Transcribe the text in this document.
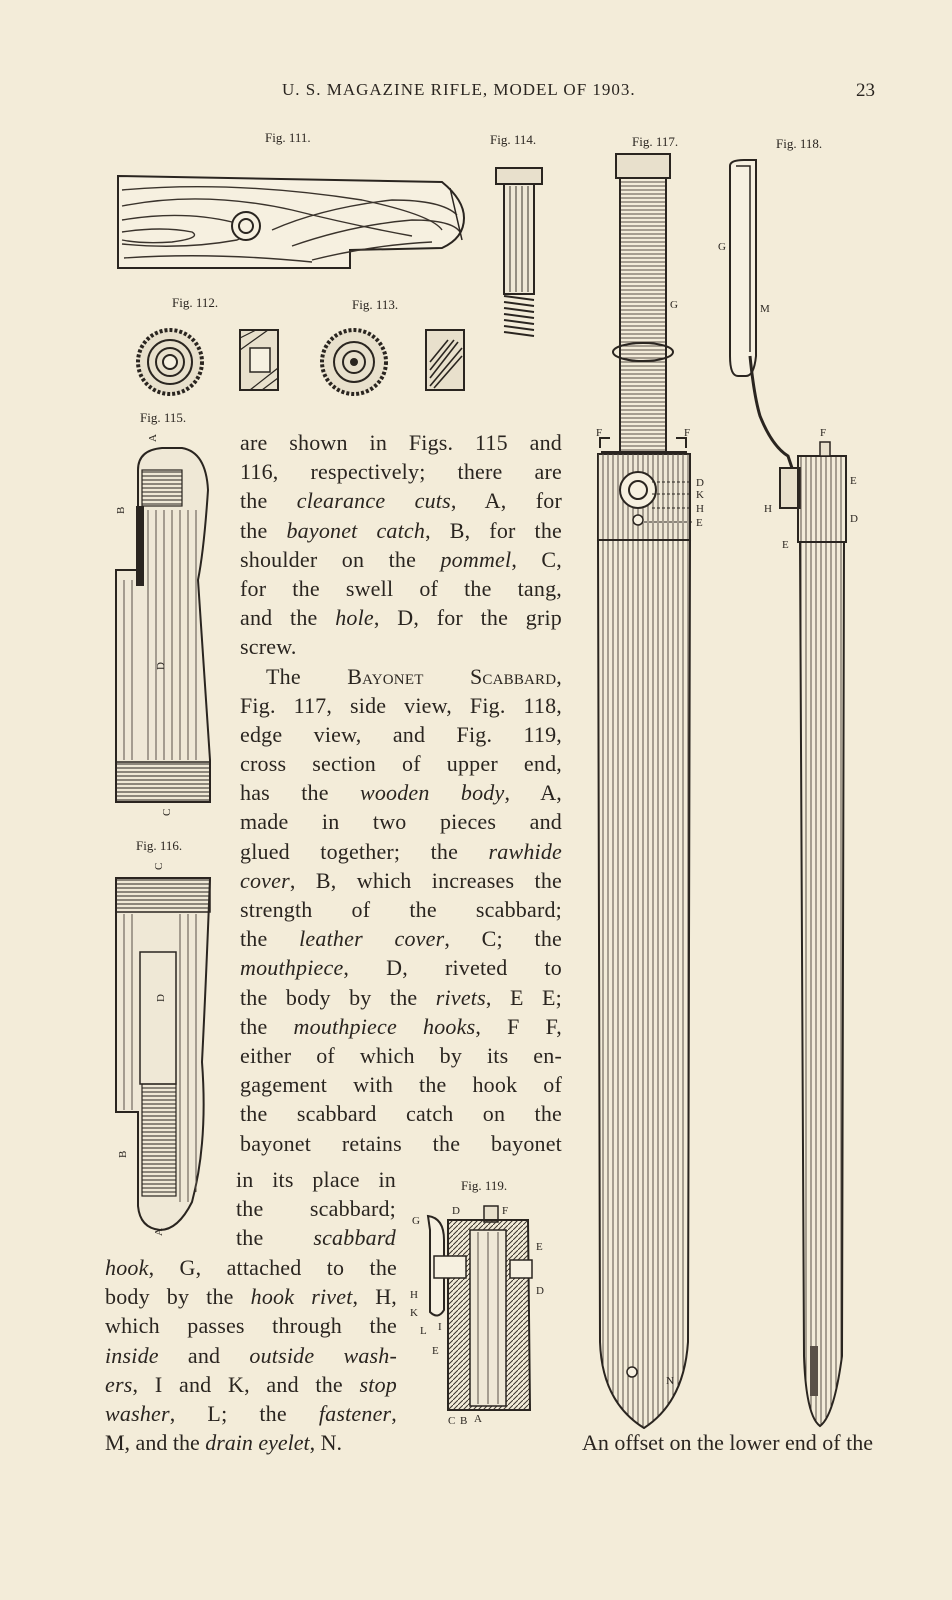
U. S. MAGAZINE RIFLE, MODEL OF 1903.	23
Fig. 111.	Fig. 114.	Fig. 117.	Fig. 118.
Fig. 112.	Fig. 113.
Fig. 115.
Fig. 116.
Fig. 119.
A
B
D
C
C
D
B
A
G
F	F
D
K
H
E
N
G
M
F
E
D
H
E
D	F
G
E
H
K
L I
D
E
C B A
are shown in Figs. 115 and
116, respectively; there are
the clearance cuts, A, for
the bayonet catch, B, for the
shoulder on the pommel, C,
for the swell of the tang,
and the hole, D, for the grip
screw.
The Bayonet Scabbard,
Fig. 117, side view, Fig. 118,
edge view, and Fig. 119,
cross section of upper end,
has the wooden body, A,
made in two pieces and
glued together; the rawhide
cover, B, which increases the
strength of the scabbard;
the leather cover, C; the
mouthpiece, D, riveted to
the body by the rivets, E E;
the mouthpiece hooks, F F,
either of which by its en-
gagement with the hook of
the scabbard catch on the
bayonet retains the bayonet
in its place in
the scabbard;
the scabbard
hook, G, attached to the
body by the hook rivet, H,
which passes through the
inside and outside wash-
ers, I and K, and the stop
washer, L; the fastener,
M, and the drain eyelet, N.	An offset on the lower end of the
